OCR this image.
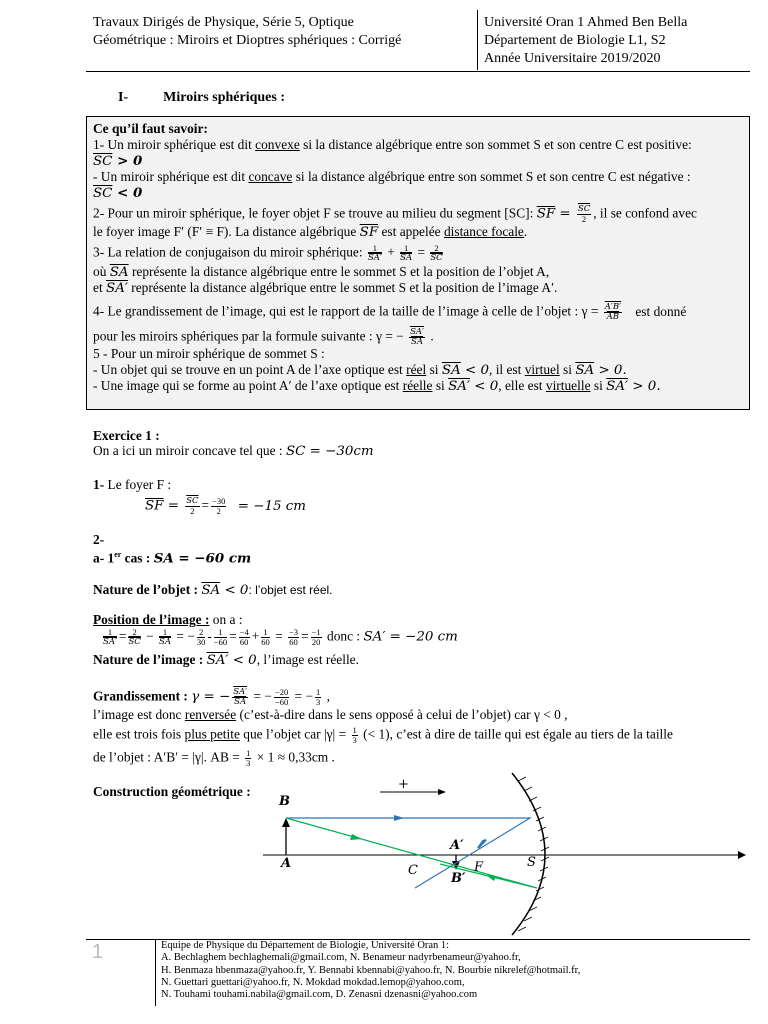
Travaux Dirigés de Physique, Série 5, Optique
Géométrique : Miroirs et Dioptres sphériques : Corrigé
Université Oran 1 Ahmed Ben Bella
Département de Biologie L1, S2
Année Universitaire 2019/2020
I-	Miroirs sphériques :
Ce qu’il faut savoir:
1- Un miroir sphérique est dit convexe si la distance algébrique entre son sommet S et son centre C est positive:
$\overline{SC} > 0$
- Un miroir sphérique est dit concave si la distance algébrique entre son sommet S et son centre C est négative :
$\overline{SC} < 0$
2- Pour un miroir sphérique, le foyer objet F se trouve au milieu du segment [SC]: $\overline{SF} = \frac{\overline{SC}}{2}$ , il se confond avec
le foyer image F′ (F′ ≡ F). La distance algébrique $\overline{SF}$ est appelée distance focale.
3- La relation de conjugaison du miroir sphérique: $\frac{1}{SA'} + \frac{1}{SA} = \frac{2}{SC}$
où $\overline{SA}$ représente la distance algébrique entre le sommet S et la position de l’objet A,
et SA′ représente la distance algébrique entre le sommet S et la position de l’image A′.
4- Le grandissement de l’image, qui est le rapport de la taille de l’image à celle de l’objet : $\gamma = \frac{A'B'}{AB}$ est donné
pour les miroirs sphériques par la formule suivante : γ = − $\frac{SA'}{SA}$ .
5 - Pour un miroir sphérique de sommet S :
- Un objet qui se trouve en un point A de l’axe optique est réel si $\overline{SA} < 0$, il est virtuel si $\overline{SA} > 0$.
- Une image qui se forme au point A′ de l’axe optique est réelle si SA′ < 0, elle est virtuelle si SA′ > 0.
Exercice 1 :
On a ici un miroir concave tel que : SC = −30cm
1- Le foyer F :
$\overline{SF} = \frac{\overline{SC}}{2} = \frac{-30}{2} = -15$ cm
2-
a- 1er cas : SA = −60 cm
Nature de l’objet : $\overline{SA} < 0$: l’objet est réel.
Position de l’image : on a :
$\frac{1}{SA'} = \frac{2}{SC} - \frac{1}{SA}$ = − $\frac{2}{30} - \frac{1}{-60} = \frac{-4}{60} + \frac{1}{60} = \frac{-3}{60} = \frac{-1}{20}$ donc : SA′ = −20 cm
Nature de l’image : SA′ < 0, l’image est réelle.
Grandissement : γ = − $\frac{SA'}{SA}$ = − $\frac{-20}{-60}$ = − $\frac{1}{3}$ ,
l’image est donc renversée (c’est-à-dire dans le sens opposé à celui de l’objet) car γ < 0 ,
elle est trois fois plus petite que l’objet car $|\gamma| = \frac{1}{3}$ (< 1), c’est à dire de taille qui est égale au tiers de la taille
de l’objet : A′B′ = |γ|. AB = $\frac{1}{3} \times 1 \approx 0,33cm$ .
Construction géométrique :	+
B
A
A′
B′
C	F	S
1	Equipe de Physique du Département de Biologie, Université Oran 1:
A. Bechlaghem bechlaghemali@gmail.com, N. Benameur nadyrbenameur@yahoo.fr,
H. Benmaza hbenmaza@yahoo.fr, Y. Bennabi kbennabi@yahoo.fr, N. Bourbie nikrelef@hotmail.fr,
N. Guettari guettari@yahoo.fr, N. Mokdad mokdad.lemop@yahoo.com,
N. Touhami touhami.nabila@gmail.com, D. Zenasni dzenasni@yahoo.com
